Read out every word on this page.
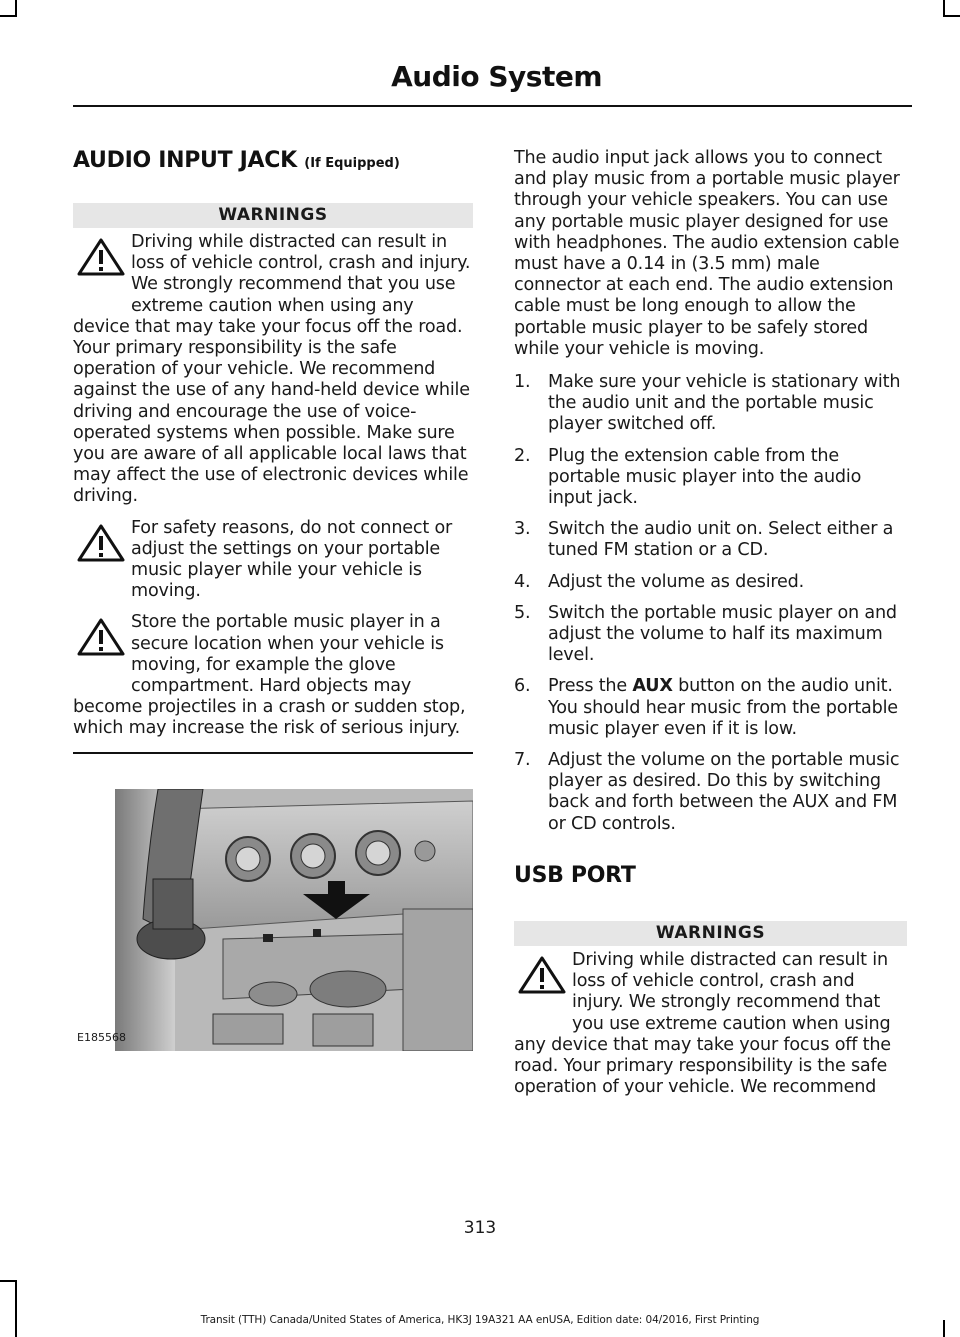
Audio System
AUDIO INPUT JACK (If Equipped)
WARNINGS

Driving while distracted can result in loss of vehicle control, crash and injury. We strongly recommend that you use extreme caution when using any device that may take your focus off the road. Your primary responsibility is the safe operation of your vehicle. We recommend against the use of any hand-held device while driving and encourage the use of voice-operated systems when possible. Make sure you are aware of all applicable local laws that may affect the use of electronic devices while driving.

For safety reasons, do not connect or adjust the settings on your portable music player while your vehicle is moving.

Store the portable music player in a secure location when your vehicle is moving, for example the glove compartment. Hard objects may become projectiles in a crash or sudden stop, which may increase the risk of serious injury.

E185568

The audio input jack allows you to connect and play music from a portable music player through your vehicle speakers. You can use any portable music player designed for use with headphones. The audio extension cable must have a 0.14 in (3.5 mm) male connector at each end. The audio extension cable must be long enough to allow the portable music player to be safely stored while your vehicle is moving.

1. Make sure your vehicle is stationary with the audio unit and the portable music player switched off.
2. Plug the extension cable from the portable music player into the audio input jack.
3. Switch the audio unit on. Select either a tuned FM station or a CD.
4. Adjust the volume as desired.
5. Switch the portable music player on and adjust the volume to half its maximum level.
6. Press the AUX button on the audio unit. You should hear music from the portable music player even if it is low.
7. Adjust the volume on the portable music player as desired. Do this by switching back and forth between the AUX and FM or CD controls.
USB PORT
WARNINGS

Driving while distracted can result in loss of vehicle control, crash and injury. We strongly recommend that you use extreme caution when using any device that may take your focus off the road. Your primary responsibility is the safe operation of your vehicle. We recommend

313
Transit (TTH) Canada/United States of America, HK3J 19A321 AA enUSA, Edition date: 04/2016, First Printing
